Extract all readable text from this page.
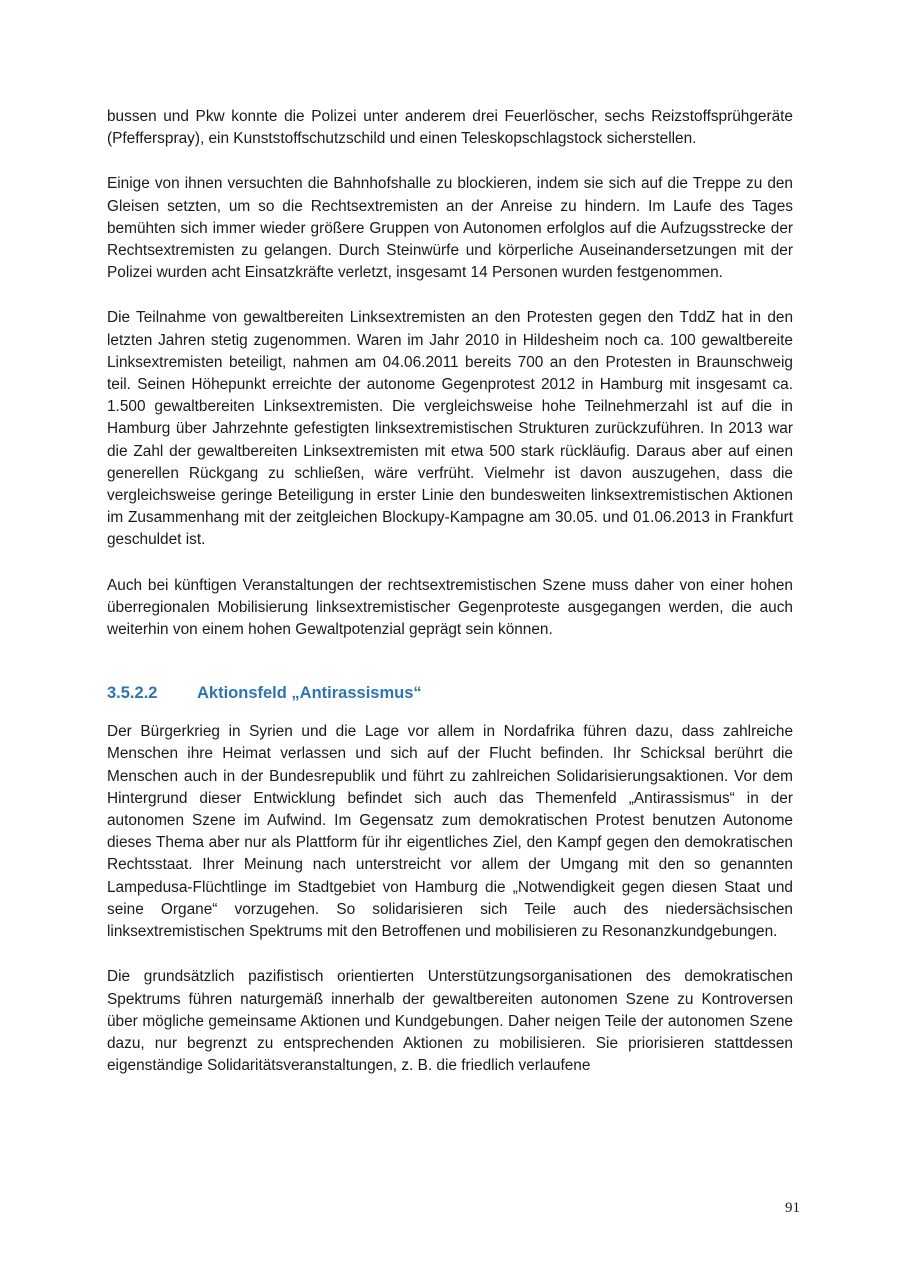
bussen und Pkw konnte die Polizei unter anderem drei Feuerlöscher, sechs Reizstoffsprühgeräte (Pfefferspray), ein Kunststoffschutzschild und einen Teleskopschlagstock sicherstellen.

Einige von ihnen versuchten die Bahnhofshalle zu blockieren, indem sie sich auf die Treppe zu den Gleisen setzten, um so die Rechtsextremisten an der Anreise zu hindern. Im Laufe des Tages bemühten sich immer wieder größere Gruppen von Autonomen erfolglos auf die Aufzugsstrecke der Rechtsextremisten zu gelangen. Durch Steinwürfe und körperliche Auseinandersetzungen mit der Polizei wurden acht Einsatzkräfte verletzt, insgesamt 14 Personen wurden festgenommen.

Die Teilnahme von gewaltbereiten Linksextremisten an den Protesten gegen den TddZ hat in den letzten Jahren stetig zugenommen. Waren im Jahr 2010 in Hildesheim noch ca. 100 gewaltbereite Linksextremisten beteiligt, nahmen am 04.06.2011 bereits 700 an den Protesten in Braunschweig teil. Seinen Höhepunkt erreichte der autonome Gegenprotest 2012 in Hamburg mit insgesamt ca. 1.500 gewaltbereiten Linksextremisten. Die vergleichsweise hohe Teilnehmerzahl ist auf die in Hamburg über Jahrzehnte gefestigten linksextremistischen Strukturen zurückzuführen. In 2013 war die Zahl der gewaltbereiten Linksextremisten mit etwa 500 stark rückläufig. Daraus aber auf einen generellen Rückgang zu schließen, wäre verfrüht. Vielmehr ist davon auszugehen, dass die vergleichsweise geringe Beteiligung in erster Linie den bundesweiten linksextremistischen Aktionen im Zusammenhang mit der zeitgleichen Blockupy-Kampagne am 30.05. und 01.06.2013 in Frankfurt geschuldet ist.

Auch bei künftigen Veranstaltungen der rechtsextremistischen Szene muss daher von einer hohen überregionalen Mobilisierung linksextremistischer Gegenproteste ausgegangen werden, die auch weiterhin von einem hohen Gewaltpotenzial geprägt sein können.

3.5.2.2	Aktionsfeld „Antirassismus“

Der Bürgerkrieg in Syrien und die Lage vor allem in Nordafrika führen dazu, dass zahlreiche Menschen ihre Heimat verlassen und sich auf der Flucht befinden. Ihr Schicksal berührt die Menschen auch in der Bundesrepublik und führt zu zahlreichen Solidarisierungsaktionen. Vor dem Hintergrund dieser Entwicklung befindet sich auch das Themenfeld „Antirassismus“ in der autonomen Szene im Aufwind. Im Gegensatz zum demokratischen Protest benutzen Autonome dieses Thema aber nur als Plattform für ihr eigentliches Ziel, den Kampf gegen den demokratischen Rechtsstaat. Ihrer Meinung nach unterstreicht vor allem der Umgang mit den so genannten Lampedusa-Flüchtlinge im Stadtgebiet von Hamburg die „Notwendigkeit gegen diesen Staat und seine Organe“ vorzugehen. So solidarisieren sich Teile auch des niedersächsischen linksextremistischen Spektrums mit den Betroffenen und mobilisieren zu Resonanzkundgebungen.

Die grundsätzlich pazifistisch orientierten Unterstützungsorganisationen des demokratischen Spektrums führen naturgemäß innerhalb der gewaltbereiten autonomen Szene zu Kontroversen über mögliche gemeinsame Aktionen und Kundgebungen. Daher neigen Teile der autonomen Szene dazu, nur begrenzt zu entsprechenden Aktionen zu mobilisieren. Sie priorisieren stattdessen eigenständige Solidaritätsveranstaltungen, z. B. die friedlich verlaufene

91
